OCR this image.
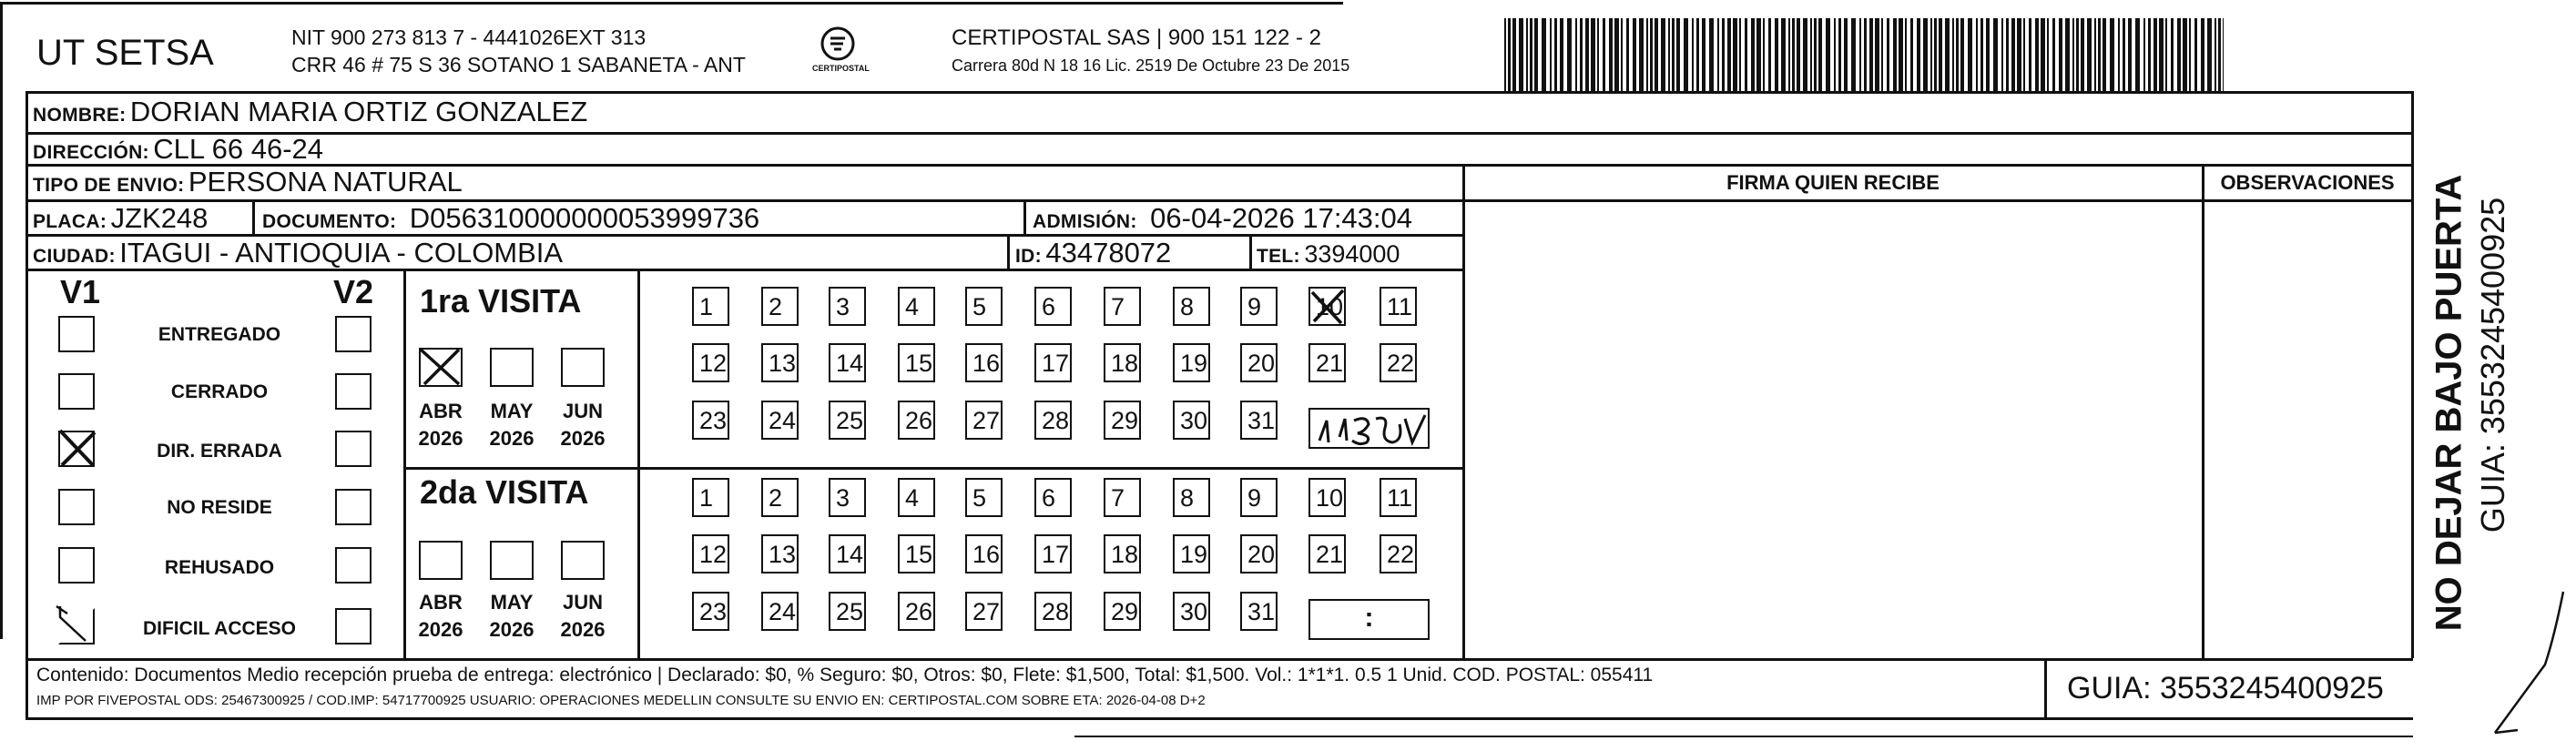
UT SETSA	NIT 900 273 813 7 - 4441026EXT 313
CRR 46 # 75 S 36 SOTANO 1 SABANETA - ANT	CERTIPOSTAL
CERTIPOSTAL SAS | 900 151 122 - 2
Carrera 80d N 18 16 Lic. 2519 De Octubre 23 De 2015
NOMBRE: DORIAN MARIA ORTIZ GONZALEZ
DIRECCIÓN: CLL 66 46-24
TIPO DE ENVIO: PERSONA NATURAL
PLACA: JZK248	DOCUMENTO: D056310000000053999736	ADMISIÓN: 06-04-2026 17:43:04
CIUDAD: ITAGUI - ANTIOQUIA - COLOMBIA	ID: 43478072	TEL: 3394000
FIRMA QUIEN RECIBE	OBSERVACIONES
V1	V2
ENTREGADO
CERRADO
DIR. ERRADA
NO RESIDE
REHUSADO
DIFICIL ACCESO
1ra VISITA
ABR	MAY	JUN
2026	2026	2026
1	2	3	4	5	6	7	8	9	10 11
12 13 14 15 16 17 18 19 20 21 22
23 24 25 26 27 28 29 30 31
2da VISITA
ABR	MAY	JUN
2026	2026	2026
1	2	3	4	5	6	7	8	9	10 11
12 13 14 15 16 17 18 19 20 21 22
23 24 25 26 27 28 29 30 31	:
Contenido: Documentos Medio recepción prueba de entrega: electrónico | Declarado: $0, % Seguro: $0, Otros: $0, Flete: $1,500, Total: $1,500. Vol.: 1*1*1. 0.5 1 Unid. COD. POSTAL: 055411
IMP POR FIVEPOSTAL ODS: 25467300925 / COD.IMP: 54717700925 USUARIO: OPERACIONES MEDELLIN CONSULTE SU ENVIO EN: CERTIPOSTAL.COM SOBRE ETA: 2026-04-08 D+2	GUIA: 3553245400925
NO DEJAR BAJO PUERTA GUIA: 3553245400925
